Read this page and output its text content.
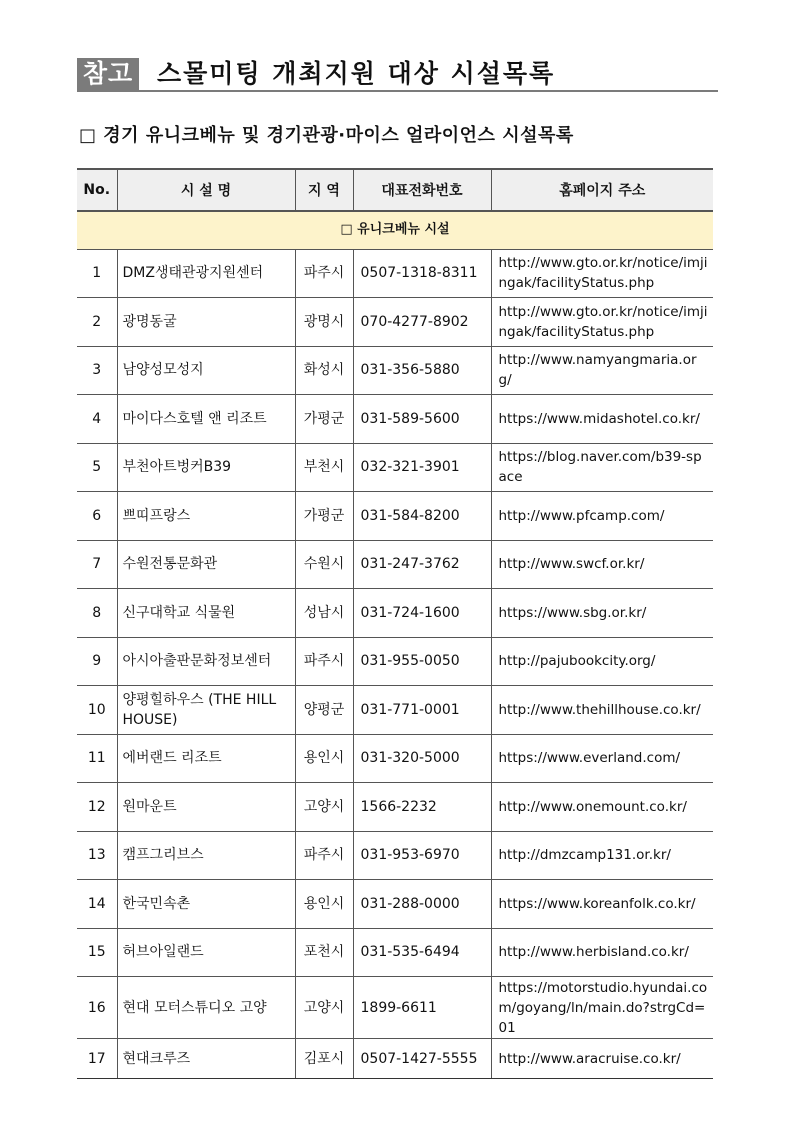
참고 스몰미팅 개최지원 대상 시설목록
□ 경기 유니크베뉴 및 경기관광·마이스 얼라이언스 시설목록
No.	시 설 명	지 역	대표전화번호	홈페이지 주소
□ 유니크베뉴 시설				
1	DMZ생태관광지원센터	파주시	0507-1318-8311	http://www.gto.or.kr/notice/imjingak/facilityStatus.php
2	광명동굴	광명시	070-4277-8902	http://www.gto.or.kr/notice/imjingak/facilityStatus.php
3	남양성모성지	화성시	031-356-5880	http://www.namyangmaria.org/
4	마이다스호텔 앤 리조트	가평군	031-589-5600	https://www.midashotel.co.kr/
5	부천아트벙커B39	부천시	032-321-3901	https://blog.naver.com/b39-space
6	쁘띠프랑스	가평군	031-584-8200	http://www.pfcamp.com/
7	수원전통문화관	수원시	031-247-3762	http://www.swcf.or.kr/
8	신구대학교 식물원	성남시	031-724-1600	https://www.sbg.or.kr/
9	아시아출판문화정보센터	파주시	031-955-0050	http://pajubookcity.org/
10	양평힐하우스 (THE HILL HOUSE)	양평군	031-771-0001	http://www.thehillhouse.co.kr/
11	에버랜드 리조트	용인시	031-320-5000	https://www.everland.com/
12	원마운트	고양시	1566-2232	http://www.onemount.co.kr/
13	캠프그리브스	파주시	031-953-6970	http://dmzcamp131.or.kr/
14	한국민속촌	용인시	031-288-0000	https://www.koreanfolk.co.kr/
15	허브아일랜드	포천시	031-535-6494	http://www.herbisland.co.kr/
16	현대 모터스튜디오 고양	고양시	1899-6611	https://motorstudio.hyundai.com/goyang/ln/main.do?strgCd=01
17	현대크루즈	김포시	0507-1427-5555	http://www.aracruise.co.kr/
